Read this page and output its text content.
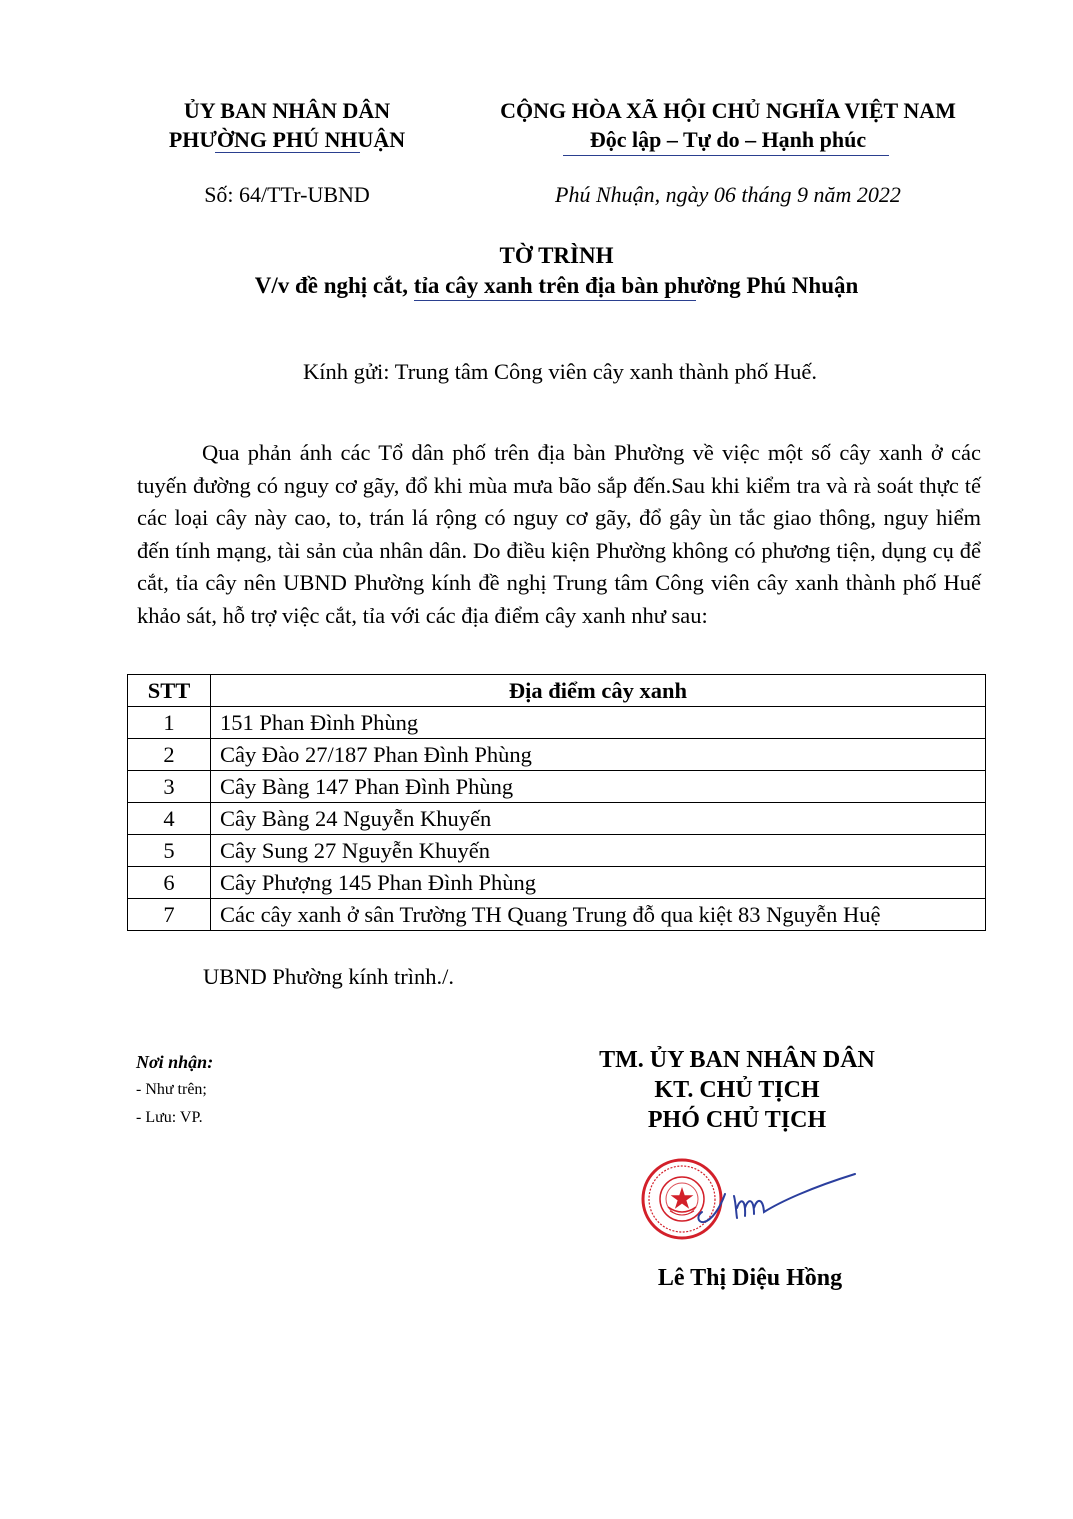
ỦY BAN NHÂN DÂN
PHƯỜNG PHÚ NHUẬN
CỘNG HÒA XÃ HỘI CHỦ NGHĨA VIỆT NAM
Độc lập – Tự do – Hạnh phúc
Số: 64/TTr-UBND	Phú Nhuận, ngày 06 tháng 9 năm 2022
TỜ TRÌNH
V/v đề nghị cắt, tỉa cây xanh trên địa bàn phường Phú Nhuận
Kính gửi: Trung tâm Công viên cây xanh thành phố Huế.
Qua phản ánh các Tổ dân phố trên địa bàn Phường về việc một số cây xanh ở các tuyến đường có nguy cơ gãy, đổ khi mùa mưa bão sắp đến.Sau khi kiểm tra và rà soát thực tế các loại cây này cao, to, trán lá rộng có nguy cơ gãy, đổ gây ùn tắc giao thông, nguy hiểm đến tính mạng, tài sản của nhân dân. Do điều kiện Phường không có phương tiện, dụng cụ để cắt, tỉa cây nên UBND Phường kính đề nghị Trung tâm Công viên cây xanh thành phố Huế khảo sát, hỗ trợ việc cắt, tỉa với các địa điểm cây xanh như sau:
STT	Địa điểm cây xanh
1	151 Phan Đình Phùng
2	Cây Đào 27/187 Phan Đình Phùng
3	Cây Bàng 147 Phan Đình Phùng
4	Cây Bàng 24 Nguyễn Khuyến
5	Cây Sung 27 Nguyễn Khuyến
6	Cây Phượng 145 Phan Đình Phùng
7	Các cây xanh ở sân Trường TH Quang Trung đỗ qua kiệt 83 Nguyễn Huệ
UBND Phường kính trình./.
Nơi nhận:
- Như trên;
- Lưu: VP.
TM. ỦY BAN NHÂN DÂN
KT. CHỦ TỊCH
PHÓ CHỦ TỊCH
Lê Thị Diệu Hồng
